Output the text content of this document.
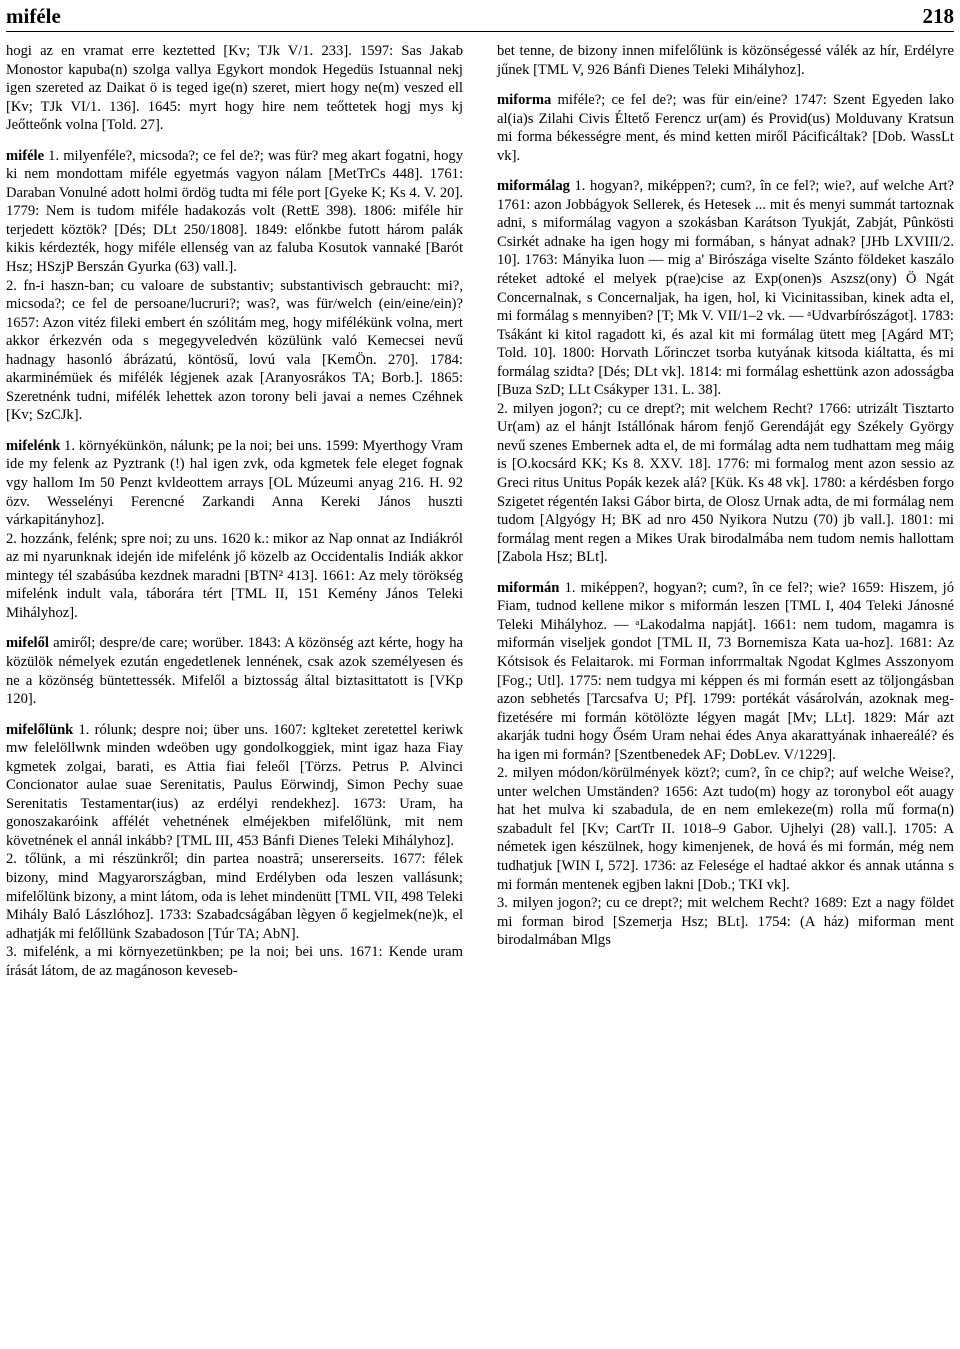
miféle	218

hogi az en vramat erre keztetted [Kv; TJk V/1. 233]. 1597: Sas Jakab Monostor kapuba(n) szolga vallya Egykort mondok Hegedüs Istuannal nekj igen szereted az Daikat ö is teged ige(n) szeret, miert hogy ne(m) veszed ell [Kv; TJk VI/1. 136]. 1645: myrt hogy hire nem teőttetek hogj mys kj Jeőtteőnk volna [Told. 27].

miféle 1. milyenféle?, micsoda?; ce fel de?; was für? meg akart fogatni, hogy ki nem mondottam miféle egyetmás vagyon nálam [MetTrCs 448]. 1761: Daraban Vonulné adott holmi ördög tudta mi féle port [Gyeke K; Ks 4. V. 20]. 1779: Nem is tudom miféle hadakozás volt (RettE 398). 1806: miféle hir terjedett köztök? [Dés; DLt 250/1808]. 1849: előnkbe futott három palák kikis kérdezték, hogy miféle ellenség van az faluba Kosutok vannaké [Barót Hsz; HSzjP Berszán Gyurka (63) vall.].

2. fn-i haszn-ban; cu valoare de substantiv; substantivisch gebraucht: mi?, micsoda?; ce fel de persoane/lucruri?; was?, was für/welch (ein/eine/ein)? 1657: Azon vitéz fileki embert én szólitám meg, hogy mifélékünk volna, mert akkor érkezvén oda s megegyveledvén közülünk való Kemecsei nevű hadnagy hasonló ábrázatú, köntösű, lovú vala [KemÖn. 270]. 1784: akarminémüek és mifélék légjenek azak [Aranyosrákos TA; Borb.]. 1865: Szeretnénk tudni, mifélék lehettek azon torony beli javai a nemes Czéhnek [Kv; SzCJk].

mifelénk 1. környékünkön, nálunk; pe la noi; bei uns. 1599: Myerthogy Vram ide my felenk az Pyztrank (!) hal igen zvk, oda kgmetek fele eleget fognak vgy hallom Im 50 Penzt kvldeottem arrays [OL Múzeumi anyag 216. H. 92 özv. Wesselényi Ferencné Zarkandi Anna Kereki János huszti várkapitányhoz].

2. hozzánk, felénk; spre noi; zu uns. 1620 k.: mikor az Nap onnat az Indiákról az mi nyarunknak idején ide mifelénk jő közelb az Occidentalis Indiák akkor mintegy tél szabásúba kezdnek maradni [BTN² 413]. 1661: Az mely törökség mifelénk indult vala, táborára tért [TML II, 151 Kemény János Teleki Mihályhoz].

mifelől amiről; despre/de care; worüber. 1843: A közönség azt kérte, hogy ha közülök némelyek ezután engedetlenek lennének, csak azok személyesen és ne a közönség büntettessék. Mifelől a biztosság által biztasittatott is [VKp 120].

mifelőlünk 1. rólunk; despre noi; über uns. 1607: kglteket zeretettel keriwk mw felelöllwnk minden wdeöben ugy gondolkoggiek, mint igaz haza Fiay kgmetek zolgai, barati, es Attia fiai feleől [Törzs. Petrus P. Alvinci Concionator aulae suae Serenitatis, Paulus Eörwindj, Simon Pechy suae Serenitatis Testamentar(ius) az erdélyi rendekhez]. 1673: Uram, ha gonoszakaróink affélét vehetnének elméjekben mifelőlünk, mit nem követnének el annál inkább? [TML III, 453 Bánfi Dienes Teleki Mihályhoz].

2. tőlünk, a mi részünkről; din partea noastră; unsererseits. 1677: félek bizony, mind Magyarországban, mind Erdélyben oda leszen vallásunk; mifelőlünk bizony, a mint látom, oda is lehet mindenütt [TML VII, 498 Teleki Mihály Baló Lászlóhoz]. 1733: Szabadcságában lègyen ő kegjelmek(ne)k, el adhatják mi felőllünk Szabadoson [Túr TA; AbN].

3. mifelénk, a mi környezetünkben; pe la noi; bei uns. 1671: Kende uram írását látom, de az magánoson keveseb-

bet tenne, de bizony innen mifelőlünk is közönségessé válék az hír, Erdélyre jűnek [TML V, 926 Bánfi Dienes Teleki Mihályhoz].

miforma miféle?; ce fel de?; was für ein/eine? 1747: Szent Egyeden lako al(ia)s Zilahi Civis Éltető Ferencz ur(am) és Provid(us) Molduvany Kratsun mi forma békességre ment, és mind ketten miről Pácificáltak? [Dob. WassLt vk].

miformálag 1. hogyan?, miképpen?; cum?, în ce fel?; wie?, auf welche Art? 1761: azon Jobbágyok Sellerek, és Hetesek ... mit és menyi summát tartoznak adni, s miformálag vagyon a szokásban Karátson Tyukját, Zabját, Pûnkösti Csirkét adnake ha igen hogy mi formában, s hányat adnak? [JHb LXVIII/2. 10]. 1763: Mányika luon — mig a' Birószága viselte Szánto földeket kaszálo réteket adtoké el melyek p(rae)cise az Exp(onen)s Aszsz(ony) Ö Ngát Concernalnak, s Concernaljak, ha igen, hol, ki Vicinitassiban, kinek adta el, mi formálag s mennyiben? [T; Mk V. VII/1–2 vk. — ᵃUdvarbírószágot]. 1783: Tsákánt ki kitol ragadott ki, és azal kit mi formálag ütett meg [Agárd MT; Told. 10]. 1800: Horvath Lőrinczet tsorba kutyának kitsoda kiáltatta, és mi formálag szidta? [Dés; DLt vk]. 1814: mi formálag eshettünk azon adosságba [Buza SzD; LLt Csákyper 131. L. 38].

2. milyen jogon?; cu ce drept?; mit welchem Recht? 1766: utrizált Tisztarto Ur(am) az el hánjt Istállónak három fenjő Gerendáját egy Székely György nevű szenes Embernek adta el, de mi formálag adta nem tudhattam meg máig is [O.kocsárd KK; Ks 8. XXV. 18]. 1776: mi formalog ment azon sessio az Greci ritus Unitus Popák kezek alá? [Kük. Ks 48 vk]. 1780: a kérdésben forgo Szigetet régentén Iaksi Gábor birta, de Olosz Urnak adta, de mi formálag nem tudom [Algyógy H; BK ad nro 450 Nyikora Nutzu (70) jb vall.]. 1801: mi formálag ment regen a Mikes Urak birodalmába nem tudom nemis hallottam [Zabola Hsz; BLt].

miformán 1. miképpen?, hogyan?; cum?, în ce fel?; wie? 1659: Hiszem, jó Fiam, tudnod kellene mikor s miformán leszen [TML I, 404 Teleki Jánosné Teleki Mihályhoz. — ᵃLakodalma napját]. 1661: nem tudom, magamra is miformán viseljek gondot [TML II, 73 Bornemisza Kata ua-hoz]. 1681: Az Kótsisok és Felaitarok. mi Forman inforrmaltak Ngodat Kglmes Asszonyom [Fog.; Utl]. 1775: nem tudgya mi képpen és mi formán esett az töljongásban azon sebhetés [Tarcsafva U; Pf]. 1799: portékát vásárolván, azoknak meg-fizetésére mi formán kötölözte légyen magát [Mv; LLt]. 1829: Már azt akarják tudni hogy Ősém Uram nehai édes Anya akarattyának inhaereálé? és ha igen mi formán? [Szentbenedek AF; DobLev. V/1229].

2. milyen módon/körülmények közt?; cum?, în ce chip?; auf welche Weise?, unter welchen Umständen? 1656: Azt tudo(m) hogy az toronybol eőt auagy hat het mulva ki szabadula, de en nem emlekeze(m) rolla mű forma(n) szabadult fel [Kv; CartTr II. 1018–9 Gabor. Ujhelyi (28) vall.]. 1705: A németek igen készülnek, hogy kimenjenek, de hová és mi formán, még nem tudhatjuk [WIN I, 572]. 1736: az Felesége el hadtaé akkor és annak utánna s mi formán mentenek egjben lakni [Dob.; TKI vk].

3. milyen jogon?; cu ce drept?; mit welchem Recht? 1689: Ezt a nagy földet mi forman birod [Szemerja Hsz; BLt]. 1754: (A ház) miforman ment birodalmában Mlgs
